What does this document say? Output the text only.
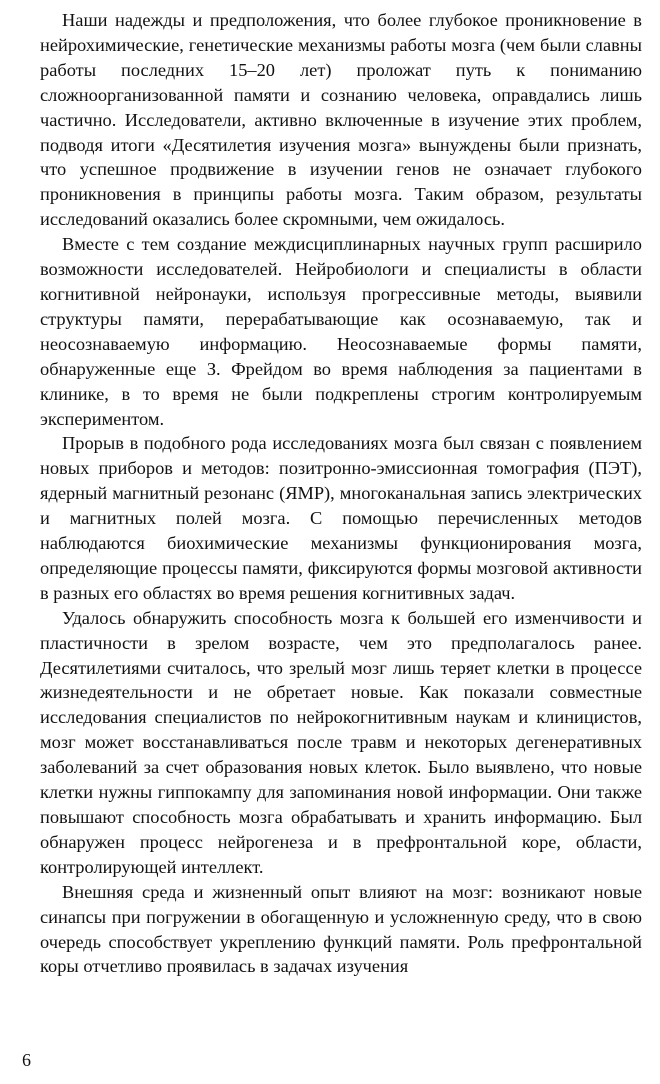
Наши надежды и предположения, что более глубокое проникновение в нейрохимические, генетические механизмы работы мозга (чем были славны работы последних 15–20 лет) проложат путь к пониманию сложноорганизованной памяти и сознанию человека, оправдались лишь частично. Исследователи, активно включенные в изучение этих проблем, подводя итоги «Десятилетия изучения мозга» вынуждены были признать, что успешное продвижение в изучении генов не означает глубокого проникновения в принципы работы мозга. Таким образом, результаты исследований оказались более скромными, чем ожидалось.

Вместе с тем создание междисциплинарных научных групп расширило возможности исследователей. Нейробиологи и специалисты в области когнитивной нейронауки, используя прогрессивные методы, выявили структуры памяти, перерабатывающие как осознаваемую, так и неосознаваемую информацию. Неосознаваемые формы памяти, обнаруженные еще З. Фрейдом во время наблюдения за пациентами в клинике, в то время не были подкреплены строгим контролируемым экспериментом.

Прорыв в подобного рода исследованиях мозга был связан с появлением новых приборов и методов: позитронно-эмиссионная томография (ПЭТ), ядерный магнитный резонанс (ЯМР), многоканальная запись электрических и магнитных полей мозга. С помощью перечисленных методов наблюдаются биохимические механизмы функционирования мозга, определяющие процессы памяти, фиксируются формы мозговой активности в разных его областях во время решения когнитивных задач.

Удалось обнаружить способность мозга к большей его изменчивости и пластичности в зрелом возрасте, чем это предполагалось ранее. Десятилетиями считалось, что зрелый мозг лишь теряет клетки в процессе жизнедеятельности и не обретает новые. Как показали совместные исследования специалистов по нейрокогнитивным наукам и клиницистов, мозг может восстанавливаться после травм и некоторых дегенеративных заболеваний за счет образования новых клеток. Было выявлено, что новые клетки нужны гиппокампу для запоминания новой информации. Они также повышают способность мозга обрабатывать и хранить информацию. Был обнаружен процесс нейрогенеза и в префронтальной коре, области, контролирующей интеллект.

Внешняя среда и жизненный опыт влияют на мозг: возникают новые синапсы при погружении в обогащенную и усложненную среду, что в свою очередь способствует укреплению функций памяти. Роль префронтальной коры отчетливо проявилась в задачах изучения

6
